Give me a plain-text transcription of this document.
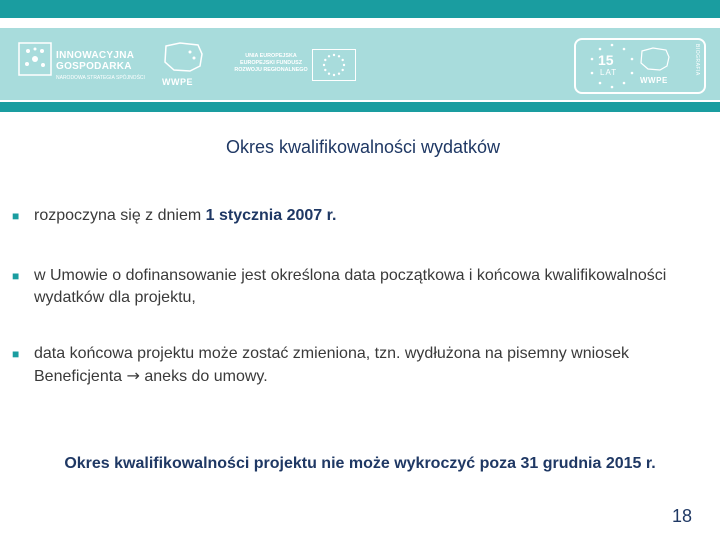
INNOWACYJNA
GOSPODARKA
NARODOWA STRATEGIA SPÓJNOŚCI WWPE
UNIA EUROPEJSKA
EUROPEJSKI FUNDUSZ
ROZWOJU REGIONALNEGO
15
LAT
WWPE
BIOGRAFIA
Okres kwalifikowalności wydatków
■ rozpoczyna się z dniem 1 stycznia 2007 r.
■ w Umowie o dofinansowanie jest określona data początkowa i końcowa kwalifikowalności wydatków dla projektu,
■ data końcowa projektu może zostać zmieniona, tzn. wydłużona na pisemny wniosek Beneficjenta → aneks do umowy.
Okres kwalifikowalności projektu nie może wykroczyć poza 31 grudnia 2015 r.
18
